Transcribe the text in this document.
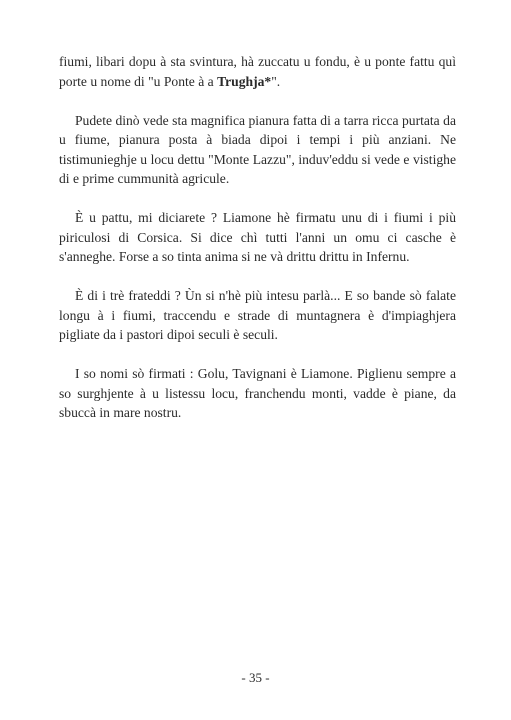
fiumi, libari dopu à sta svintura, hà zuccatu u fondu, è u ponte fattu quì porte u nome di "u Ponte à a Trughja*".

Pudete dinò vede sta magnifica pianura fatta di a tarra ricca purtata da u fiume, pianura posta à biada dipoi i tempi i più anziani. Ne tistimunieghje u locu dettu "Monte Lazzu", induv'eddu si vede e vistighe di e prime cummunità agricule.

È u pattu, mi diciarete ? Liamone hè firmatu unu di i fiumi i più piriculosi di Corsica. Si dice chì tutti l'anni un omu ci casche è s'anneghe. Forse a so tinta anima si ne và drittu drittu in Infernu.

È di i trè frateddi ? Ùn si n'hè più intesu parlà... E so bande sò falate longu à i fiumi, traccendu e strade di muntagnera è d'impiaghjera pigliate da i pastori dipoi seculi è seculi.

I so nomi sò firmati : Golu, Tavignani è Liamone. Piglienu sempre a so surghjente à u listessu locu, franchendu monti, vadde è piane, da sbuccà in mare nostru.

- 35 -
